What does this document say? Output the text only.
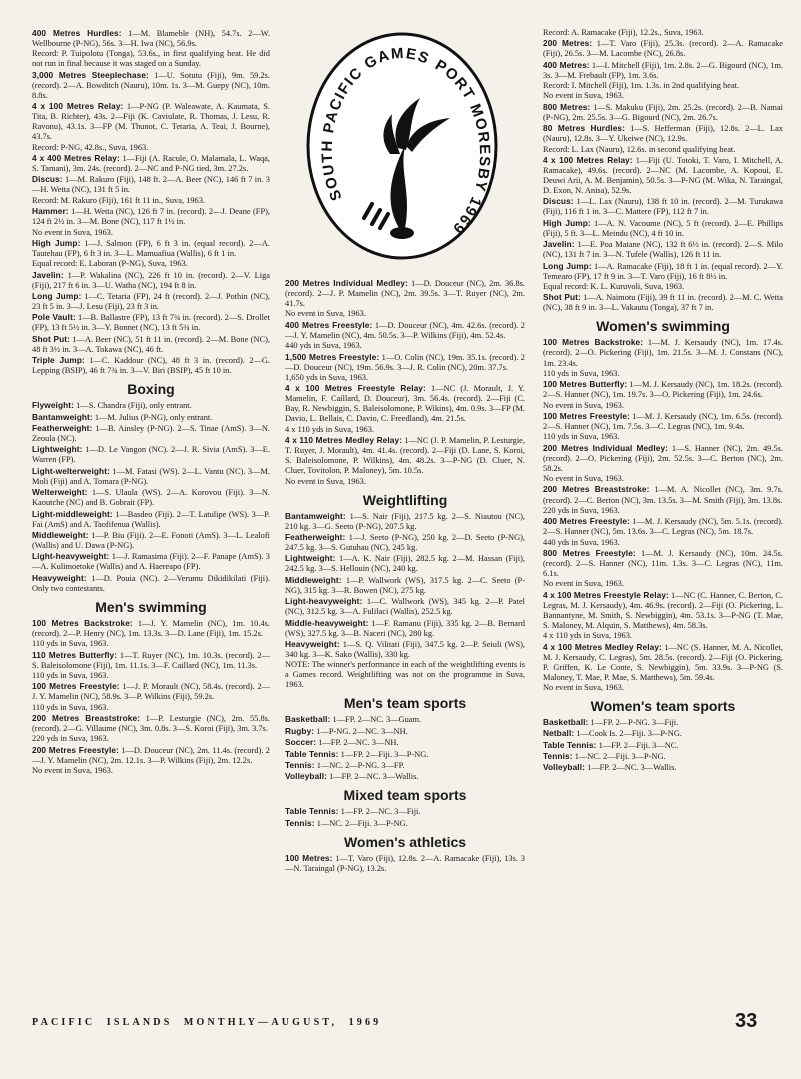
400 Metres Hurdles: 1—M. Blameble (NH), 54.7s. 2—W. Wellbourne (P-NG), 56s. 3—H. Iwa (NC), 56.9s.

Record: P. Tuipolotu (Tonga), 53.6s., in first qualifying heat. He did not run in final because it was staged on a Sunday.

3,000 Metres Steeplechase: 1—U. Sotutu (Fiji), 9m. 59.2s. (record). 2—A. Bowditch (Nauru), 10m. 1s. 3—M. Guepy (NC), 10m. 8.8s.

4 x 100 Metres Relay: 1—P-NG (P. Waleawate, A. Kaumata, S. Tita, B. Richter), 43s. 2—Fiji (K. Caviulate, R. Thomas, J. Lesu, R. Ravonu), 43.1s. 3—FP (M. Thunot, C. Tetaria, A. Teai, J. Bourne), 43.7s.

Record: P-NG, 42.8s., Suva, 1963.

4 x 400 Metres Relay: 1—Fiji (A. Racule, O. Malamala, L. Waqa, S. Tamani), 3m. 24s. (record). 2—NC and P-NG tied, 3m. 27.2s.

Discus: 1—M. Rakuro (Fiji), 148 ft. 2—A. Beer (NC), 146 ft 7 in. 3—H. Wetta (NC), 131 ft 5 in.

Record: M. Rakuro (Fiji), 161 ft 11 in., Suva, 1963.

Hammer: 1—H. Wetta (NC), 126 ft 7 in. (record). 2—J. Deane (FP), 124 ft 2½ in. 3—M. Bone (NC), 117 ft 1½ in.

No event in Suva, 1963.

High Jump: 1—J. Salmon (FP), 6 ft 3 in. (equal record). 2—A. Tautehau (FP), 6 ft 3 in. 3—L. Mamuafiua (Wallis), 6 ft 1 in.

Equal record: E. Laboran (P-NG), Suva, 1963.

Javelin: 1—P. Wakalina (NC), 226 ft 10 in. (record). 2—V. Liga (Fiji), 217 ft 6 in. 3—U. Watha (NC), 194 ft 8 in.

Long Jump: 1—C. Tetaria (FP), 24 ft (record). 2—J. Pothin (NC), 23 ft 5 in. 3—J. Lesu (Fiji), 23 ft 3 in.

Pole Vault: 1—B. Ballastre (FP), 13 ft 7¾ in. (record). 2—S. Drollet (FP), 13 ft 5½ in. 3—Y. Bonnet (NC), 13 ft 5¾ in.

Shot Put: 1—A. Beer (NC), 51 ft 11 in. (record). 2—M. Bone (NC), 48 ft 3½ in. 3—A. Tokawa (NC), 46 ft.

Triple Jump: 1—C. Kaddour (NC), 48 ft 3 in. (record). 2—G. Lepping (BSIP), 46 ft 7¾ in. 3—V. Biri (BSIP), 45 ft 10 in.

Boxing

Flyweight: 1—S. Chandra (Fiji), only entrant.

Bantamweight: 1—M. Julius (P-NG), only entrant.

Featherweight: 1—B. Ainsley (P-NG). 2—S. Tinae (AmS). 3—N. Zeoula (NC).

Lightweight: 1—D. Le Vangon (NC). 2—J. R. Sivia (AmS). 3—E. Warren (FP).

Light-welterweight: 1—M. Fatasi (WS). 2—L. Vantu (NC). 3—M. Moli (Fiji) and A. Tomara (P-NG).

Welterweight: 1—S. Ulaula (WS). 2—A. Korovou (Fiji). 3—N. Kaoutche (NC) and B. Gobrait (FP).

Light-middleweight: 1—Basdeo (Fiji). 2—T. Latulipe (WS). 3—P. Fai (AmS) and A. Taofifenua (Wallis).

Middleweight: 1—P. Biu (Fiji). 2—E. Fonoti (AmS). 3—L. Lealofi (Wallis) and U. Dawa (P-NG).

Light-heavyweight: 1—J. Ramasima (Fiji). 2—F. Panape (AmS). 3—A. Kulimoetoke (Wallis) and A. Haereapo (FP).

Heavyweight: 1—D. Pouia (NC). 2—Verumu Dikidikilati (Fiji). Only two contestants.

Men's swimming

100 Metres Backstroke: 1—J. Y. Mamelin (NC), 1m. 10.4s. (record). 2—P. Henry (NC), 1m. 13.3s. 3—D. Lane (Fiji), 1m. 15.2s.

110 yds in Suva, 1963.

110 Metres Butterfly: 1—T. Ruyer (NC), 1m. 10.3s. (record). 2—S. Baleisolomone (Fiji), 1m. 11.1s. 3—F. Caillard (NC), 1m. 11.3s.

110 yds in Suva, 1963.

100 Metres Freestyle: 1—J. P. Morault (NC), 58.4s. (record). 2—J. Y. Mamelin (NC), 58.9s. 3—P. Wilkins (Fiji), 59.2s.

110 yds in Suva, 1963.

200 Metres Breaststroke: 1—P. Lesturgie (NC), 2m. 55.8s. (record). 2—G. Villaume (NC), 3m. 0.8s. 3—S. Koroi (Fiji), 3m. 3.7s.

220 yds in Suva, 1963.

200 Metres Freestyle: 1—D. Douceur (NC), 2m. 11.4s. (record). 2—J. Y. Mamelin (NC), 2m. 12.1s. 3—P. Wilkins (Fiji), 2m. 12.2s.

No event in Suva, 1963.

SOUTH PACIFIC GAMES PORT MORESBY 1969

200 Metres Individual Medley: 1—D. Douceur (NC), 2m. 36.8s. (record). 2—J. P. Mamelin (NC), 2m. 39.5s. 3—T. Ruyer (NC), 2m. 41.7s.

No event in Suva, 1963.

400 Metres Freestyle: 1—D. Douceur (NC), 4m. 42.6s. (record). 2—J. Y. Mamelin (NC), 4m. 50.5s. 3—P. Wilkins (Fiji), 4m. 52.4s.

440 yds in Suva, 1963.

1,500 Metres Freestyle: 1—O. Colin (NC), 19m. 35.1s. (record). 2—D. Douceur (NC), 19m. 56.9s. 3—J. R. Colin (NC), 20m. 37.7s.

1,650 yds in Suva, 1963.

4 x 100 Metres Freestyle Relay: 1—NC (J. Morault, J. Y. Mamelin, F. Caillard, D. Douceur), 3m. 56.4s. (record). 2—Fiji (C. Bay, R. Newbiggin, S. Baleisolomone, P. Wikins), 4m. 0.9s. 3—FP (M. Davio, L. Bellais, C. Davio, C. Freedland), 4m. 21.5s.

4 x 110 yds in Suva, 1963.

4 x 110 Metres Medley Relay: 1—NC (J. P. Mamelin, P. Lesturgie, T. Ruyer, J. Morault), 4m. 41.4s. (record). 2—Fiji (D. Lane, S. Koroi, S. Baleisolomone, P. Wilkins), 4m. 48.2s. 3—P-NG (D. Cluer, N. Cluer, Tovitolon, P. Maloney), 5m. 10.5s.

No event in Suva, 1963.

Weightlifting

Bantamweight: 1—S. Nair (Fiji), 217.5 kg. 2—S. Niautou (NC), 210 kg. 3—G. Seeto (P-NG), 207.5 kg.

Featherweight: 1—J. Seeto (P-NG), 250 kg. 2—D. Seeto (P-NG), 247.5 kg. 3—S. Gutuhau (NC), 245 kg.

Lightweight: 1—A. K. Nair (Fiji), 282.5 kg. 2—M. Hassan (Fiji), 242.5 kg. 3—S. Hellouin (NC), 240 kg.

Middleweight: 1—P. Wallwork (WS), 317.5 kg. 2—C. Seeto (P-NG), 315 kg. 3—R. Bowen (NC), 275 kg.

Light-heavyweight: 1—C. Wallwork (WS), 345 kg. 2—P. Patel (NC), 312.5 kg. 3—A. Fulilaci (Wallis), 252.5 kg.

Middle-heavyweight: 1—F. Ramanu (Fiji), 335 kg. 2—B. Bernard (WS), 327.5 kg. 3—B. Naceri (NC), 280 kg.

Heavyweight: 1—S. Q. Vilitati (Fiji), 347.5 kg. 2—P. Seiuli (WS), 340 kg. 3—K. Sako (Wallis), 330 kg.

NOTE: The winner's performance in each of the weightlifting events is a Games record. Weightlifting was not on the programme in Suva, 1963.

Men's team sports

Basketball: 1—FP. 2—NC. 3—Guam.

Rugby: 1—P-NG. 2—NC. 3—NH.

Soccer: 1—FP. 2—NC. 3—NH.

Table Tennis: 1—FP. 2—Fiji. 3—P-NG.

Tennis: 1—NC. 2—P-NG. 3—FP.

Volleyball: 1—FP. 2—NC. 3—Wallis.

Mixed team sports

Table Tennis: 1—FP. 2—NC. 3—Fiji.

Tennis: 1—NC. 2—Fiji. 3—P-NG.

Women's athletics

100 Metres: 1—T. Varo (Fiji), 12.8s. 2—A. Ramacake (Fiji), 13s. 3—N. Taraingal (P-NG), 13.2s.

Record: A. Ramacake (Fiji), 12.2s., Suva, 1963.

200 Metres: 1—T. Varo (Fiji), 25.3s. (record). 2—A. Ramacake (Fiji), 26.5s. 3—M. Lacombe (NC), 26.8s.

400 Metres: 1—I. Mitchell (Fiji), 1m. 2.8s. 2—G. Bigourd (NC), 1m. 3s. 3—M. Frebault (FP), 1m. 3.6s.

Record: I. Mitchell (Fiji), 1m. 1.3s. in 2nd qualifying heat.

No event in Suva, 1963.

800 Metres: 1—S. Makuku (Fiji), 2m. 25.2s. (record). 2—B. Namai (P-NG), 2m. 25.5s. 3—G. Bigourd (NC), 2m. 26.7s.

80 Metres Hurdles: 1—S. Hefferman (Fiji), 12.8s. 2—L. Lax (Nauru), 12.8s. 3—Y. Ukeiwe (NC), 12.9s.

Record: L. Lax (Nauru), 12.6s. in second qualifying heat.

4 x 100 Metres Relay: 1—Fiji (U. Totoki, T. Varo, I. Mitchell, A. Ramacake), 49.6s. (record). 2—NC (M. Lacombe, A. Kopoui, E. Deuwi Arii, A. M. Benjamin), 50.5s. 3—P-NG (M. Wika, N. Taraingal, D. Exon, N. Anisa), 52.9s.

Discus: 1—L. Lax (Nauru), 138 ft 10 in. (record). 2—M. Turukawa (Fiji), 116 ft 1 in. 3—C. Mattere (FP), 112 ft 7 in.

High Jump: 1—A. N. Vacoume (NC), 5 ft (record). 2—E. Phillips (Fiji), 5 ft. 3—L. Meindu (NC), 4 ft 10 in.

Javelin: 1—E. Poa Matane (NC), 132 ft 6½ in. (record). 2—S. Milo (NC), 131 ft 7 in. 3—N. Tufele (Wallis), 126 ft 11 in.

Long Jump: 1—A. Ramacake (Fiji), 18 ft 1 in. (equal record). 2—Y. Temearo (FP), 17 ft 9 in. 3—T. Varo (Fiji), 16 ft 8½ in.

Equal record: K. L. Kuruvoli, Suva, 1963.

Shot Put: 1—A. Naimotu (Fiji), 39 ft 11 in. (record). 2—M. C. Wetta (NC), 38 ft 9 in. 3—L. Vakautu (Tonga), 37 ft 7 in.

Women's swimming

100 Metres Backstroke: 1—M. J. Kersaudy (NC), 1m. 17.4s. (record). 2—O. Pickering (Fiji), 1m. 21.5s. 3—M. J. Constans (NC), 1m. 23.4s.

110 yds in Suva, 1963.

100 Metres Butterfly: 1—M. J. Kersaudy (NC), 1m. 18.2s. (record). 2—S. Hanner (NC), 1m. 19.7s. 3—O. Pickering (Fiji), 1m. 24.6s.

No event in Suva, 1963.

100 Metres Freestyle: 1—M. J. Kersaudy (NC), 1m. 6.5s. (record). 2—S. Hanner (NC), 1m. 7.5s. 3—C. Legras (NC), 1m. 9.4s.

110 yds in Suva, 1963.

200 Metres Individual Medley: 1—S. Hanner (NC), 2m. 49.5s. (record). 2—O. Pickering (Fiji), 2m. 52.5s. 3—C. Berton (NC), 2m. 58.2s.

No event in Suva, 1963.

200 Metres Breaststroke: 1—M. A. Nicollet (NC), 3m. 9.7s. (record). 2—C. Berton (NC), 3m. 13.5s. 3—M. Smith (Fiji), 3m. 13.8s.

220 yds in Suva, 1963.

400 Metres Freestyle: 1—M. J. Kersaudy (NC), 5m. 5.1s. (record). 2—S. Hanner (NC), 5m. 13.6s. 3—C. Legras (NC), 5m. 18.7s.

440 yds in Suva, 1963.

800 Metres Freestyle: 1—M. J. Kersaudy (NC), 10m. 24.5s. (record). 2—S. Hanner (NC), 11m. 1.3s. 3—C. Legras (NC), 11m. 6.1s.

No event in Suva, 1963.

4 x 100 Metres Freestyle Relay: 1—NC (C. Hanner, C. Berton, C. Legras, M. J. Kersaudy), 4m. 46.9s. (record). 2—Fiji (O. Pickering, L. Bannantyne, M. Smith, S. Newbiggin), 4m. 53.1s. 3—P-NG (T. Mae, S. Maloney, M. Alquin, S. Matthews), 4m. 58.3s.

4 x 110 yds in Suva, 1963.

4 x 100 Metres Medley Relay: 1—NC (S. Hanner, M. A. Nicollet, M. J. Kersaudy, C. Legras), 5m. 28.5s. (record). 2—Fiji (O. Pickering, P. Griffen, K. Le Conte, S. Newbiggin), 5m. 33.9s. 3—P-NG (S. Maloney, T. Mae, P. Mae, S. Matthews), 5m. 59.4s.

No event in Suva, 1963.

Women's team sports

Basketball: 1—FP. 2—P-NG. 3—Fiji.

Netball: 1—Cook Is. 2—Fiji. 3—P-NG.

Table Tennis: 1—FP. 2—Fiji. 3—NC.

Tennis: 1—NC. 2—Fiji. 3—P-NG.

Volleyball: 1—FP. 2—NC. 3—Wallis.

PACIFIC  ISLANDS  MONTHLY—AUGUST,  1969	33
